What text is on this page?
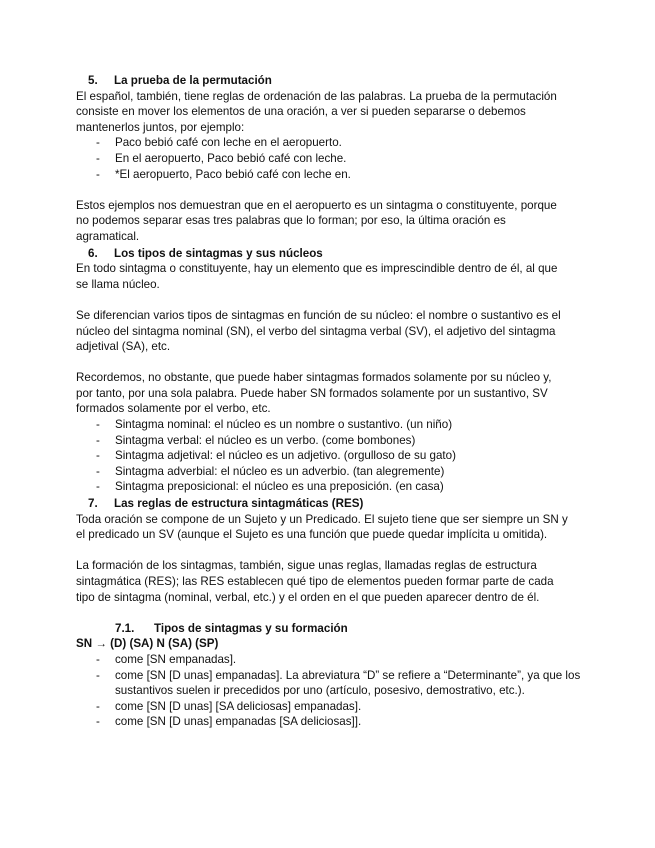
5. La prueba de la permutación
El español, también, tiene reglas de ordenación de las palabras. La prueba de la permutación
consiste en mover los elementos de una oración, a ver si pueden separarse o debemos
mantenerlos juntos, por ejemplo:
- Paco bebió café con leche en el aeropuerto.
- En el aeropuerto, Paco bebió café con leche.
- *El aeropuerto, Paco bebió café con leche en.
Estos ejemplos nos demuestran que en el aeropuerto es un sintagma o constituyente, porque
no podemos separar esas tres palabras que lo forman; por eso, la última oración es
agramatical.
6. Los tipos de sintagmas y sus núcleos
En todo sintagma o constituyente, hay un elemento que es imprescindible dentro de él, al que
se llama núcleo.
Se diferencian varios tipos de sintagmas en función de su núcleo: el nombre o sustantivo es el
núcleo del sintagma nominal (SN), el verbo del sintagma verbal (SV), el adjetivo del sintagma
adjetival (SA), etc.
Recordemos, no obstante, que puede haber sintagmas formados solamente por su núcleo y,
por tanto, por una sola palabra. Puede haber SN formados solamente por un sustantivo, SV
formados solamente por el verbo, etc.
- Sintagma nominal: el núcleo es un nombre o sustantivo. (un niño)
- Sintagma verbal: el núcleo es un verbo. (come bombones)
- Sintagma adjetival: el núcleo es un adjetivo. (orgulloso de su gato)
- Sintagma adverbial: el núcleo es un adverbio. (tan alegremente)
- Sintagma preposicional: el núcleo es una preposición. (en casa)
7. Las reglas de estructura sintagmáticas (RES)
Toda oración se compone de un Sujeto y un Predicado. El sujeto tiene que ser siempre un SN y
el predicado un SV (aunque el Sujeto es una función que puede quedar implícita u omitida).
La formación de los sintagmas, también, sigue unas reglas, llamadas reglas de estructura
sintagmática (RES); las RES establecen qué tipo de elementos pueden formar parte de cada
tipo de sintagma (nominal, verbal, etc.) y el orden en el que pueden aparecer dentro de él.
7.1. Tipos de sintagmas y su formación
SN → (D) (SA) N (SA) (SP)
- come [SN empanadas].
- come [SN [D unas] empanadas]. La abreviatura “D” se refiere a “Determinante”, ya que los sustantivos suelen ir precedidos por uno (artículo, posesivo, demostrativo, etc.).
- come [SN [D unas] [SA deliciosas] empanadas].
- come [SN [D unas] empanadas [SA deliciosas]].
